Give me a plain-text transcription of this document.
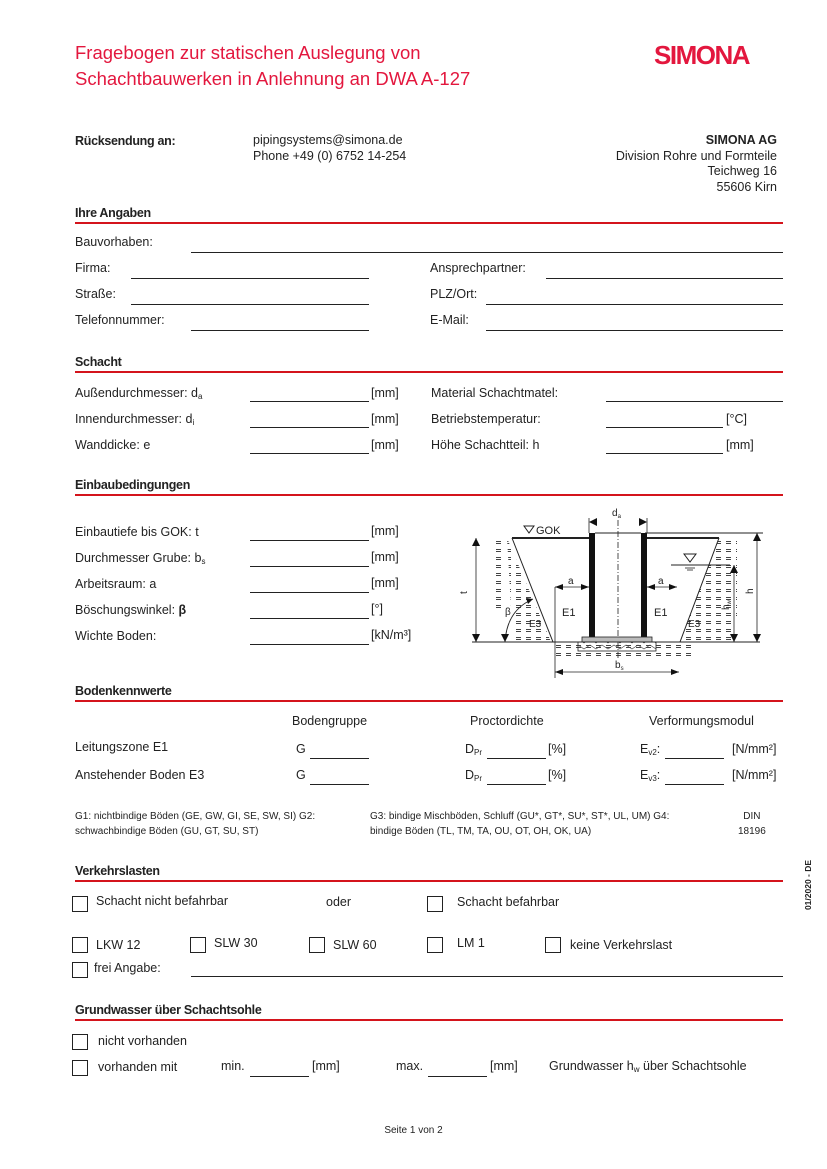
Fragebogen zur statischen Auslegung von
Schachtbauwerken in Anlehnung an DWA A-127
SIMONA
Rücksendung an:	pipingsystems@simona.de
Phone +49 (0) 6752 14-254
SIMONA AG
Division Rohre und Formteile
Teichweg 16
55606 Kirn
Ihre Angaben
Bauvorhaben:
Firma:	Ansprechpartner:
Straße:	PLZ/Ort:
Telefonnummer:	E-Mail:
Schacht
Außendurchmesser: $d_a$	[mm]	Material Schachtmatel:
Innendurchmesser: $d_i$	[mm]	Betriebstemperatur:	[°C]
Wanddicke: e	[mm]	Höhe Schachtteil: h	[mm]
Einbaubedingungen
Einbautiefe bis GOK: t	[mm]
Durchmesser Grube: $b_s$	[mm]
Arbeitsraum: a	[mm]
Böschungswinkel: β	[°]
Wichte Boden:	[kN/m³]
GOK
$d_a$
a	a
E1	E1
E3	E3
β
t	h
$h_w$
$b_s$
Bodenkennwerte
Bodengruppe	Proctordichte	Verformungsmodul
Leitungszone E1	G	$D_{Pr}$	[%]	$E_{v2}$:	[N/mm²]
Anstehender Boden E3	G	$D_{Pr}$	[%]	$E_{v3}$:	[N/mm²]
G1: nichtbindige Böden (GE, GW, GI, SE, SW, SI) G2:
schwachbindige Böden (GU, GT, SU, ST)
G3: bindige Mischböden, Schluff (GU*, GT*, SU*, ST*, UL, UM) G4:
bindige Böden (TL, TM, TA, OU, OT, OH, OK, UA)
DIN
18196
Verkehrslasten
Schacht nicht befahrbar	oder	Schacht befahrbar
LKW 12	SLW 30	SLW 60	LM 1	keine Verkehrslast
frei Angabe:
Grundwasser über Schachtsohle
nicht vorhanden
vorhanden mit	min.	[mm]	max.	[mm] Grundwasser $h_w$ über Schachtsohle
01/2020 - DE
Seite 1 von 2
